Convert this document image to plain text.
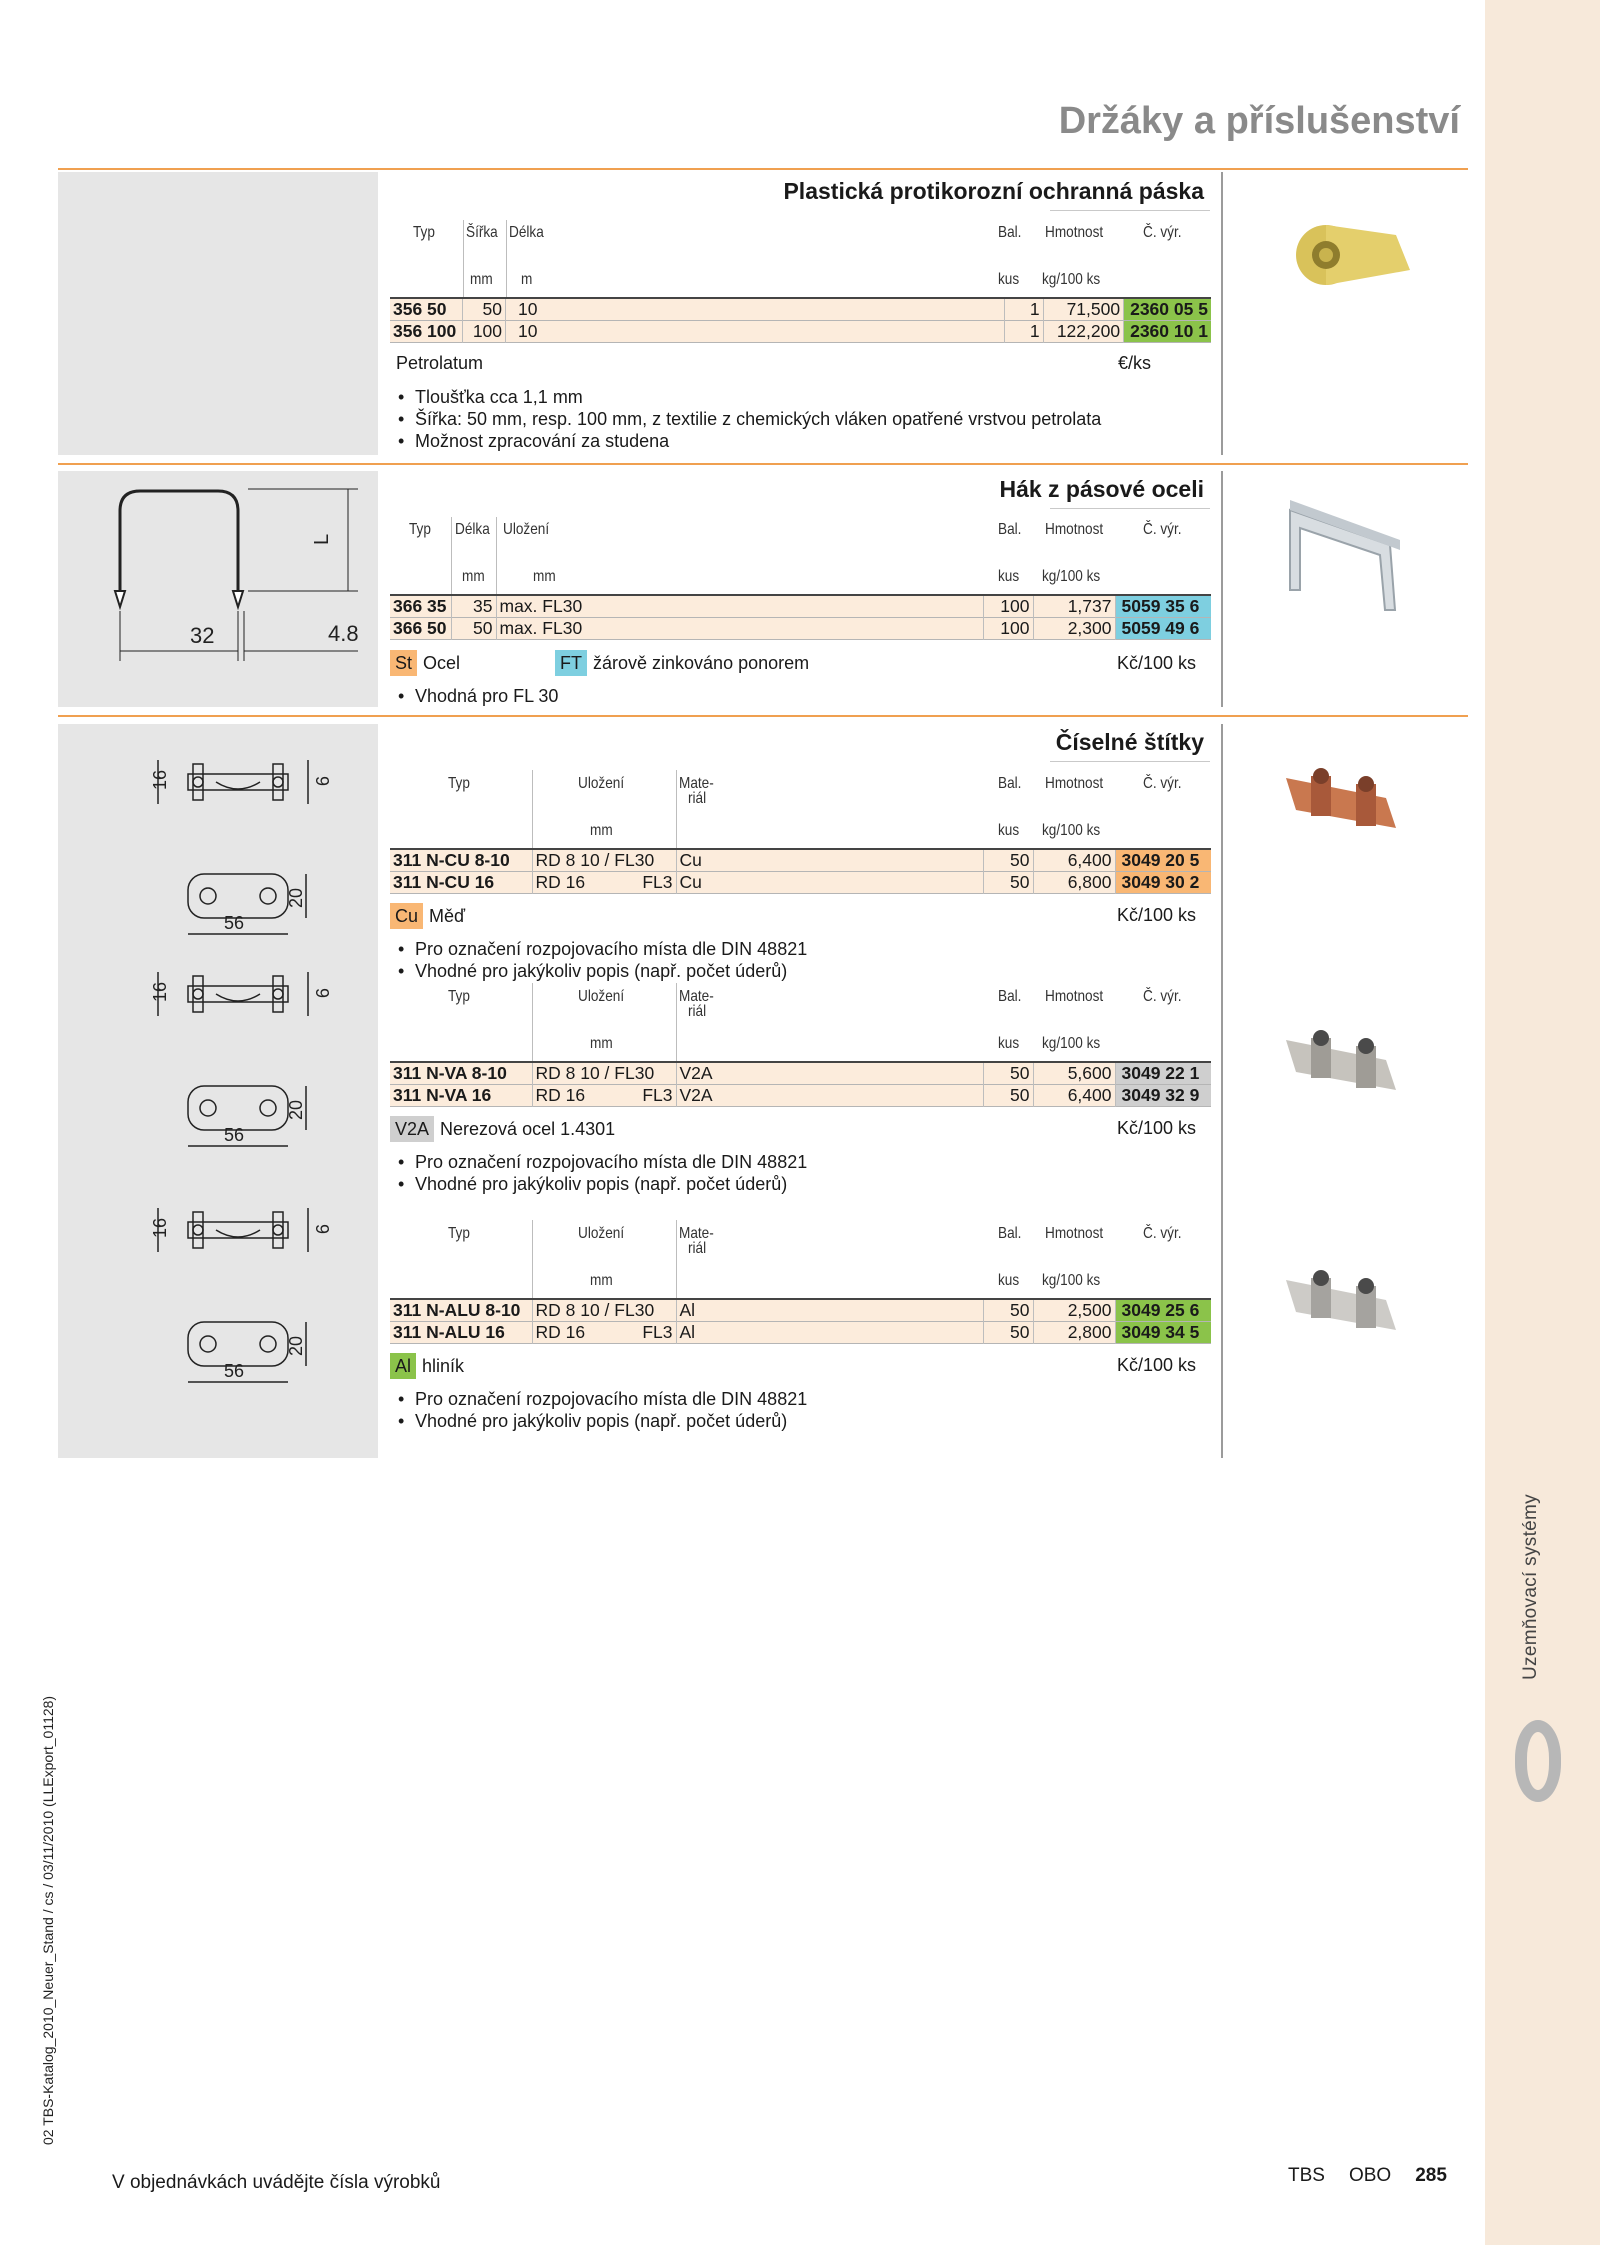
Držáky a příslušenství
32	4.8
L
16	9
20
56
16	9
20
56
16	9
20
56
Plastická protikorozní ochranná páska
Typ Šířka Délka	Bal. Hmotnost Č. výr.
mm m	kus kg/100 ks
356 50	50	10	1	71,500	2360 05 5
356 100	100	10	1	122,200	2360 10 1
Petrolatum	€/ks
• Tloušťka cca 1,1 mm
• Šířka: 50 mm, resp. 100 mm, z textilie z chemických vláken opatřené vrstvou petrolata
• Možnost zpracování za studena
Hák z pásové oceli
Typ Délka Uložení	Bal. Hmotnost Č. výr.
mm	mm	kus kg/100 ks
366 35	35	max. FL30	100	1,737	5059 35 6
366 50	50	max. FL30	100	2,300	5059 49 6
St Ocel	FT žárově zinkováno ponorem	Kč/100 ks
• Vhodná pro FL 30
Číselné štítky
Typ	Uložení	Mate-
riál
Bal. Hmotnost Č. výr.
mm	kus kg/100 ks
311 N-CU 8-10	RD 8 10 / FL30	Cu	50	6,400	3049 20 5
311 N-CU 16	RD 16 FL3	Cu	50	6,800	3049 30 2
Cu Měď	Kč/100 ks
• Pro označení rozpojovacího místa dle DIN 48821
• Vhodné pro jakýkoliv popis (např. počet úderů)
Typ	Uložení	Mate-
riál
Bal. Hmotnost Č. výr.
mm	kus kg/100 ks
311 N-VA 8-10	RD 8 10 / FL30	V2A	50	5,600	3049 22 1
311 N-VA 16	RD 16 FL3	V2A	50	6,400	3049 32 9
V2A Nerezová ocel 1.4301	Kč/100 ks
• Pro označení rozpojovacího místa dle DIN 48821
• Vhodné pro jakýkoliv popis (např. počet úderů)
Typ	Uložení	Mate-
riál
Bal. Hmotnost Č. výr.
mm	kus kg/100 ks
311 N-ALU 8-10	RD 8 10 / FL30	Al	50	2,500	3049 25 6
311 N-ALU 16	RD 16 FL3	Al	50	2,800	3049 34 5
Al hliník	Kč/100 ks
• Pro označení rozpojovacího místa dle DIN 48821
• Vhodné pro jakýkoliv popis (např. počet úderů)
02 TBS-Katalog_2010_Neuer_Stand / cs / 03/11/2010 (LLExport_01128)
V objednávkách uvádějte čísla výrobků	TBS OBO 285
